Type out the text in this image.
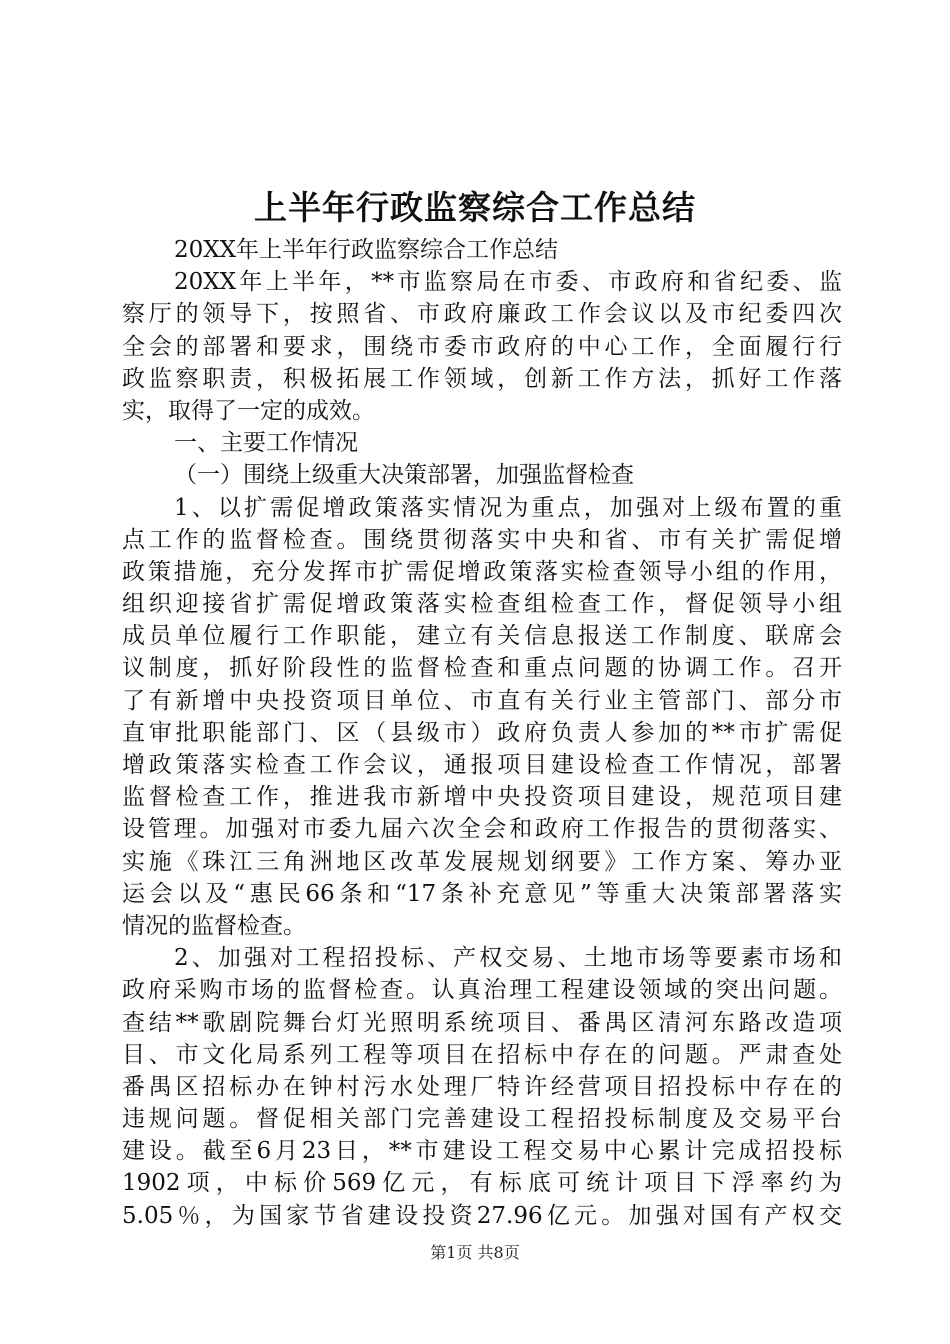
上半年行政监察综合工作总结
20XX年上半年行政监察综合工作总结
20XX年上半年，**市监察局在市委、市政府和省纪委、监
察厅的领导下，按照省、市政府廉政工作会议以及市纪委四次
全会的部署和要求，围绕市委市政府的中心工作，全面履行行
政监察职责，积极拓展工作领域，创新工作方法，抓好工作落
实，取得了一定的成效。
一、主要工作情况
（一）围绕上级重大决策部署，加强监督检查
1、以扩需促增政策落实情况为重点，加强对上级布置的重
点工作的监督检查。围绕贯彻落实中央和省、市有关扩需促增
政策措施，充分发挥市扩需促增政策落实检查领导小组的作用，
组织迎接省扩需促增政策落实检查组检查工作，督促领导小组
成员单位履行工作职能，建立有关信息报送工作制度、联席会
议制度，抓好阶段性的监督检查和重点问题的协调工作。召开
了有新增中央投资项目单位、市直有关行业主管部门、部分市
直审批职能部门、区（县级市）政府负责人参加的**市扩需促
增政策落实检查工作会议，通报项目建设检查工作情况，部署
监督检查工作，推进我市新增中央投资项目建设，规范项目建
设管理。加强对市委九届六次全会和政府工作报告的贯彻落实、
实施《珠江三角洲地区改革发展规划纲要》工作方案、筹办亚
运会以及“惠民66条和“17条补充意见”等重大决策部署落实
情况的监督检查。
2、加强对工程招投标、产权交易、土地市场等要素市场和
政府采购市场的监督检查。认真治理工程建设领域的突出问题。
查结**歌剧院舞台灯光照明系统项目、番禺区清河东路改造项
目、市文化局系列工程等项目在招标中存在的问题。严肃查处
番禺区招标办在钟村污水处理厂特许经营项目招投标中存在的
违规问题。督促相关部门完善建设工程招投标制度及交易平台
建设。截至6月23日，**市建设工程交易中心累计完成招投标
1902项，中标价569亿元，有标底可统计项目下浮率约为
5.05％，为国家节省建设投资27.96亿元。加强对国有产权交
第1页 共8页
